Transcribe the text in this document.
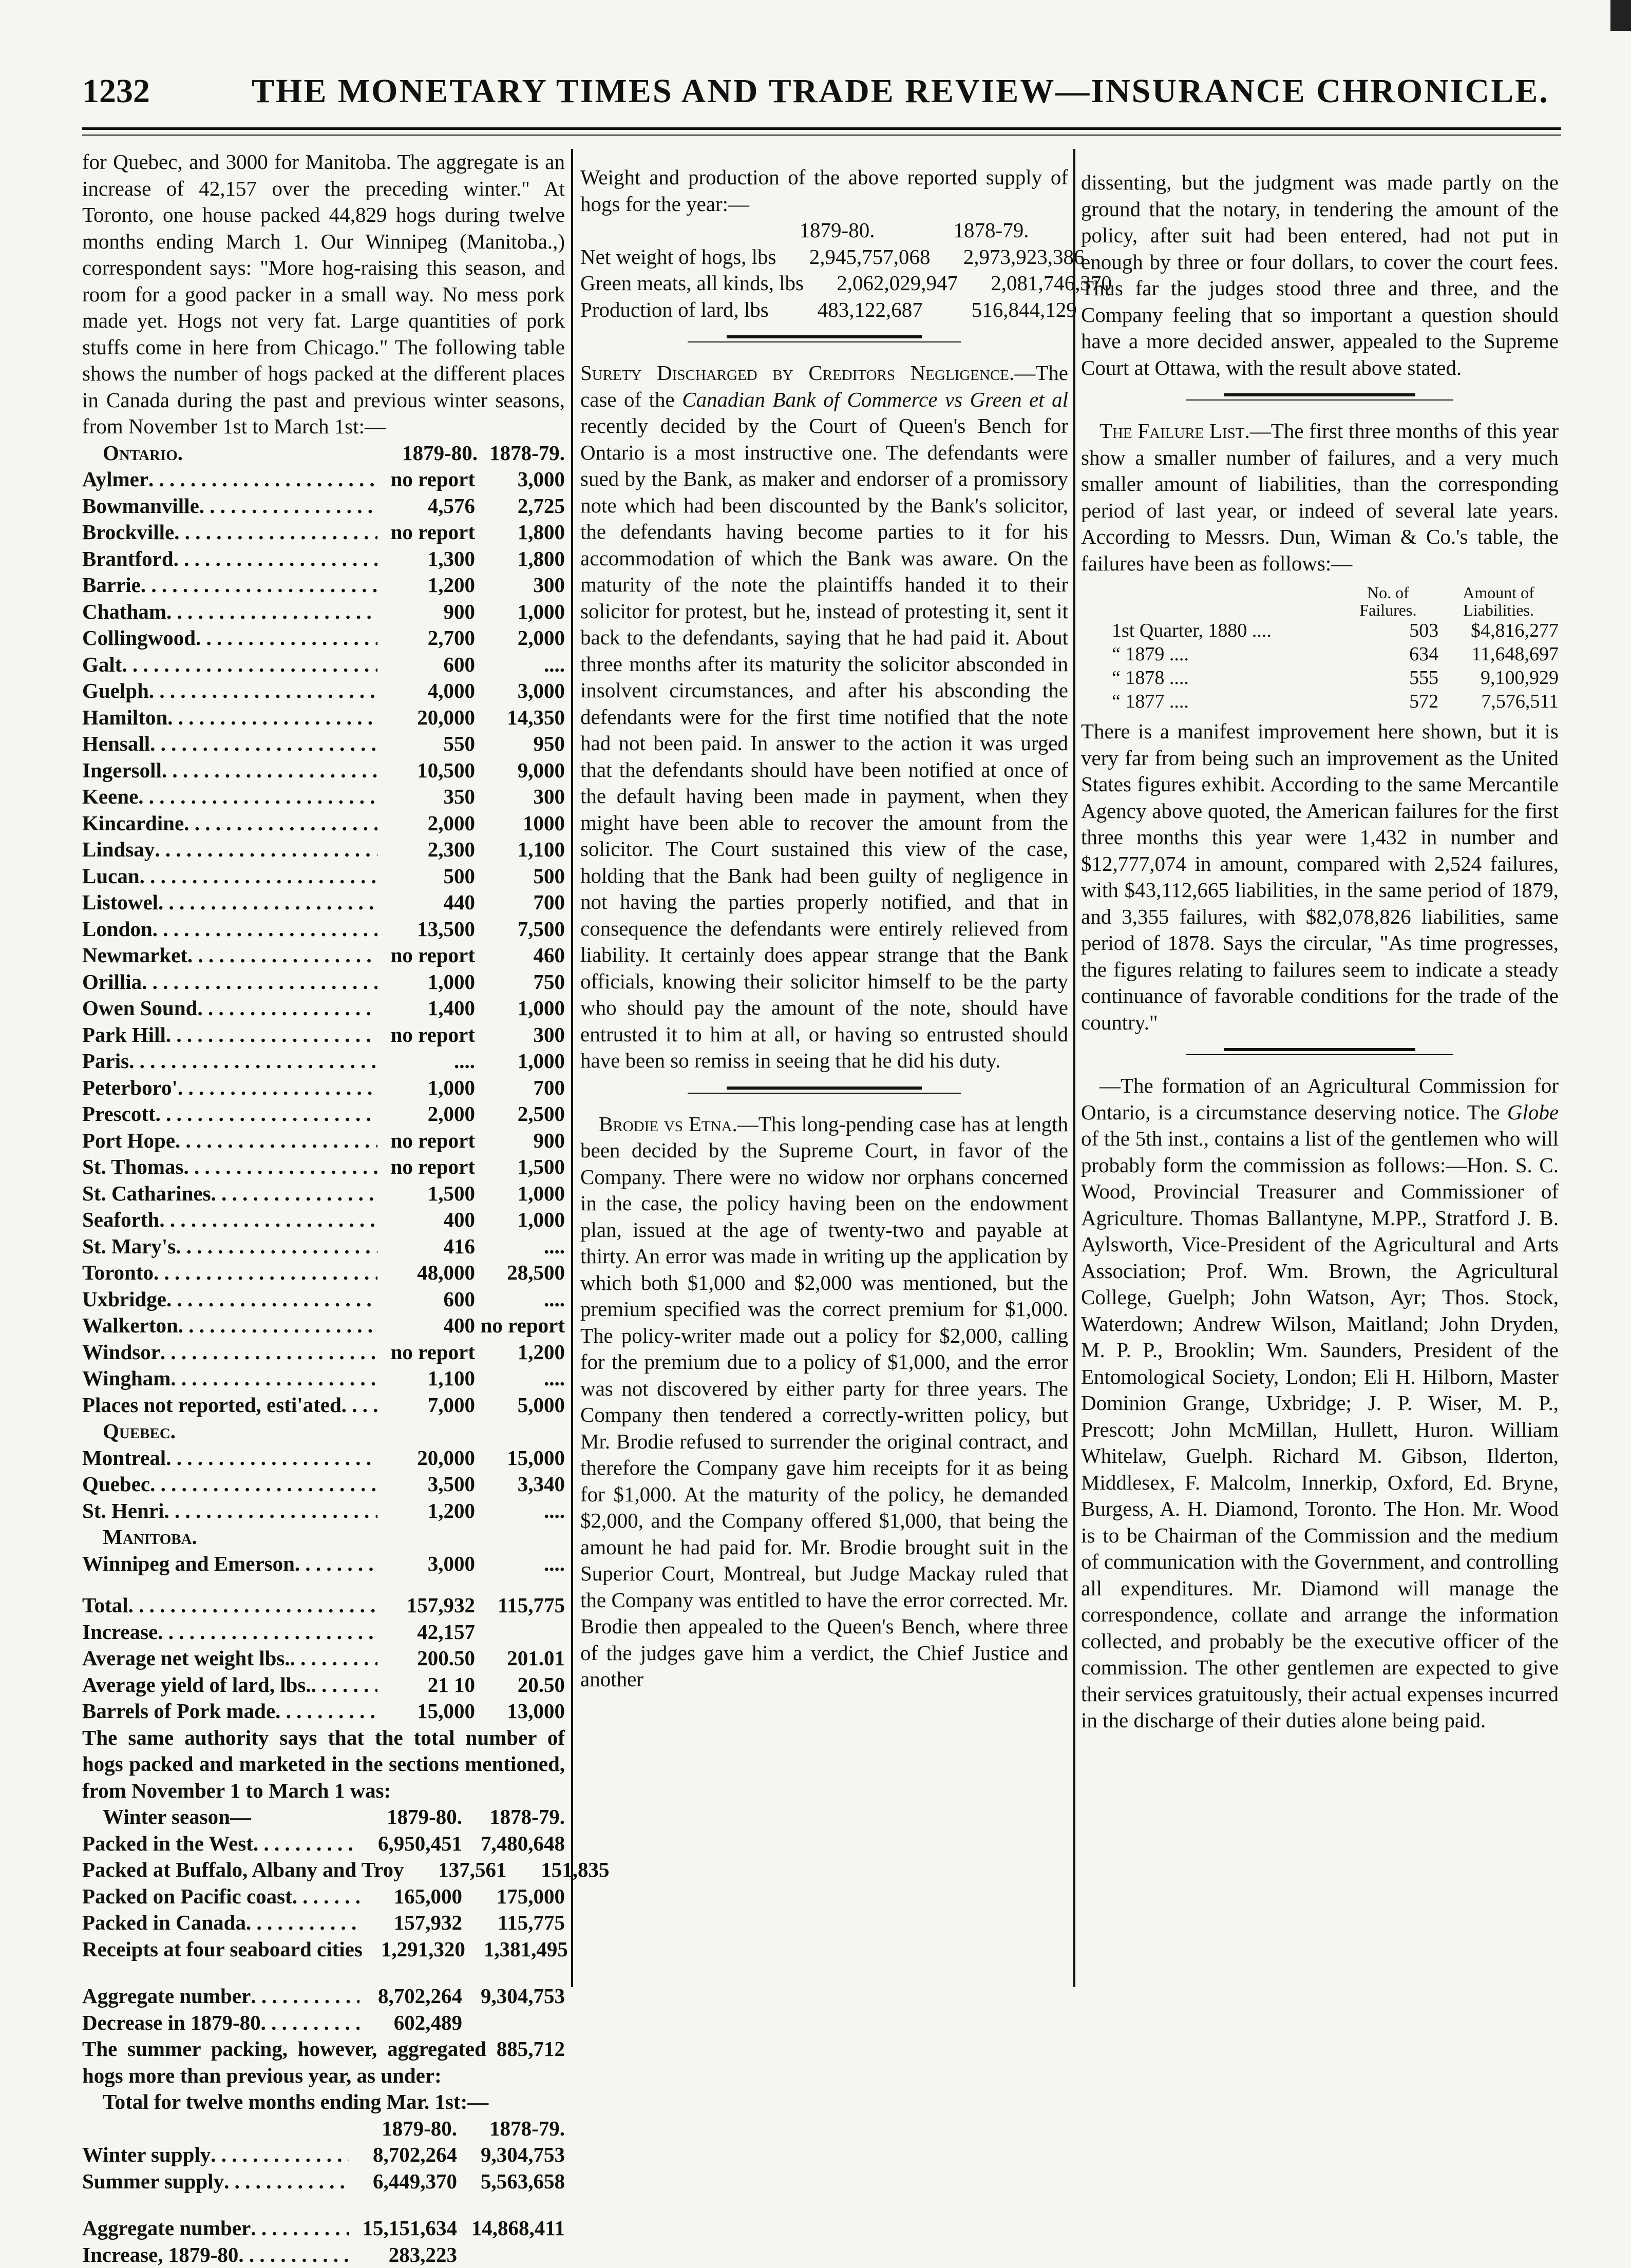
1232	THE MONETARY TIMES AND TRADE REVIEW—INSURANCE CHRONICLE.

for Quebec, and 3000 for Manitoba. The aggregate is an increase of 42,157 over the preceding winter." At Toronto, one house packed 44,829 hogs during twelve months ending March 1. Our Winnipeg (Manitoba.,) correspondent says: "More hog-raising this season, and room for a good packer in a small way. No mess pork made yet. Hogs not very fat. Large quantities of pork stuffs come in here from Chicago." The following table shows the number of hogs packed at the different places in Canada during the past and previous winter seasons, from November 1st to March 1st:—

Ontario.	1879-80. 1878-79.
Aylmer . . .	no report	3,000
Bowmanville . . .	4,576	2,725
Brockville . . .	no report	1,800
Brantford . . .	1,300	1,800
Barrie . . .	1,200	300
Chatham . . .	900	1,000
Collingwood . . .	2,700	2,000
Galt . . .	600	....
Guelph . . .	4,000	3,000
Hamilton . . .	20,000	14,350
Hensall . . .	550	950
Ingersoll . . .	10,500	9,000
Keene . . .	350	300
Kincardine . . .	2,000	1000
Lindsay . . .	2,300	1,100
Lucan . . .	500	500
Listowel . . .	440	700
London . . .	13,500	7,500
Newmarket . . .	no report	460
Orillia . . .	1,000	750
Owen Sound . . .	1,400	1,000
Park Hill . . .	no report	300
Paris . . .	....	1,000
Peterboro' . . .	1,000	700
Prescott . . .	2,000	2,500
Port Hope . . .	no report	900
St. Thomas . . .	no report	1,500
St. Catharines . . .	1,500	1,000
Seaforth . . .	400	1,000
St. Mary's . . .	416	....
Toronto . . .	48,000	28,500
Uxbridge . . .	600	....
Walkerton . . .	400 no report
Windsor . . .	no report	1,200
Wingham . . .	1,100	....
Places not reported, esti'ated . . .	7,000	5,000
Quebec.
Montreal . . .	20,000	15,000
Quebec . . .	3,500	3,340
St. Henri . . .	1,200	....
Manitoba.
Winnipeg and Emerson . . .	3,000	....
Total . . .	157,932	115,775
Increase . . .	42,157
Average net weight lbs. . . .	200.50	201.01
Average yield of lard, lbs. . . .	21 10	20.50
Barrels of Pork made . . .	15,000	13,000

The same authority says that the total number of hogs packed and marketed in the sections mentioned, from November 1 to March 1 was:

Winter season—	1879-80.	1878-79.
Packed in the West . . .	6,950,451 7,480,648
Packed at Buffalo, Albany and Troy	137,561	151,835
Packed on Pacific coast . . .	165,000	175,000
Packed in Canada . . .	157,932	115,775
Receipts at four seaboard cities 1,291,320 1,381,495
Aggregate number . . .	8,702,264 9,304,753
Decrease in 1879-80 . . .	602,489

The summer packing, however, aggregated 885,712 hogs more than previous year, as under:

Total for twelve months ending Mar. 1st:—
1879-80.	1878-79.
Winter supply . . .	8,702,264	9,304,753
Summer supply . . .	6,449,370	5,563,658
Aggregate number . . .	15,151,634 14,868,411
Increase, 1879-80 . . .	283,223

Weight and production of the above reported supply of hogs for the year:—

1879-80.	1878-79.
Net weight of hogs, lbs	2,945,757,068	2,973,923,386
Green meats, all kinds, lbs	2,062,029,947	2,081,746,370
Production of lard, lbs	483,122,687	516,844,129

Surety Discharged by Creditors Negligence.—The case of the Canadian Bank of Commerce vs Green et al recently decided by the Court of Queen's Bench for Ontario is a most instructive one. The defendants were sued by the Bank, as maker and endorser of a promissory note which had been discounted by the Bank's solicitor, the defendants having become parties to it for his accommodation of which the Bank was aware. On the maturity of the note the plaintiffs handed it to their solicitor for protest, but he, instead of protesting it, sent it back to the defendants, saying that he had paid it. About three months after its maturity the solicitor absconded in insolvent circumstances, and after his absconding the defendants were for the first time notified that the note had not been paid. In answer to the action it was urged that the defendants should have been notified at once of the default having been made in payment, when they might have been able to recover the amount from the solicitor. The Court sustained this view of the case, holding that the Bank had been guilty of negligence in not having the parties properly notified, and that in consequence the defendants were entirely relieved from liability. It certainly does appear strange that the Bank officials, knowing their solicitor himself to be the party who should pay the amount of the note, should have entrusted it to him at all, or having so entrusted should have been so remiss in seeing that he did his duty.

Brodie vs Etna.—This long-pending case has at length been decided by the Supreme Court, in favor of the Company. There were no widow nor orphans concerned in the case, the policy having been on the endowment plan, issued at the age of twenty-two and payable at thirty. An error was made in writing up the application by which both $1,000 and $2,000 was mentioned, but the premium specified was the correct premium for $1,000. The policy-writer made out a policy for $2,000, calling for the premium due to a policy of $1,000, and the error was not discovered by either party for three years. The Company then tendered a correctly-written policy, but Mr. Brodie refused to surrender the original contract, and therefore the Company gave him receipts for it as being for $1,000. At the maturity of the policy, he demanded $2,000, and the Company offered $1,000, that being the amount he had paid for. Mr. Brodie brought suit in the Superior Court, Montreal, but Judge Mackay ruled that the Company was entitled to have the error corrected. Mr. Brodie then appealed to the Queen's Bench, where three of the judges gave him a verdict, the Chief Justice and another

dissenting, but the judgment was made partly on the ground that the notary, in tendering the amount of the policy, after suit had been entered, had not put in enough by three or four dollars, to cover the court fees. Thus far the judges stood three and three, and the Company feeling that so important a question should have a more decided answer, appealed to the Supreme Court at Ottawa, with the result above stated.

The Failure List.—The first three months of this year show a smaller number of failures, and a very much smaller amount of liabilities, than the corresponding period of last year, or indeed of several late years. According to Messrs. Dun, Wiman & Co.'s table, the failures have been as follows:—

No. of	Amount of
Failures.	Liabilities.
1st Quarter, 1880 ....	503	$4,816,277
“ 1879 ....	634	11,648,697
“ 1878 ....	555	9,100,929
“ 1877 ....	572	7,576,511

There is a manifest improvement here shown, but it is very far from being such an improvement as the United States figures exhibit. According to the same Mercantile Agency above quoted, the American failures for the first three months this year were 1,432 in number and $12,777,074 in amount, compared with 2,524 failures, with $43,112,665 liabilities, in the same period of 1879, and 3,355 failures, with $82,078,826 liabilities, same period of 1878. Says the circular, "As time progresses, the figures relating to failures seem to indicate a steady continuance of favorable conditions for the trade of the country."

—The formation of an Agricultural Commission for Ontario, is a circumstance deserving notice. The Globe of the 5th inst., contains a list of the gentlemen who will probably form the commission as follows:—Hon. S. C. Wood, Provincial Treasurer and Commissioner of Agriculture. Thomas Ballantyne, M.PP., Stratford J. B. Aylsworth, Vice-President of the Agricultural and Arts Association; Prof. Wm. Brown, the Agricultural College, Guelph; John Watson, Ayr; Thos. Stock, Waterdown; Andrew Wilson, Maitland; John Dryden, M. P. P., Brooklin; Wm. Saunders, President of the Entomological Society, London; Eli H. Hilborn, Master Dominion Grange, Uxbridge; J. P. Wiser, M. P., Prescott; John McMillan, Hullett, Huron. William Whitelaw, Guelph. Richard M. Gibson, Ilderton, Middlesex, F. Malcolm, Innerkip, Oxford, Ed. Bryne, Burgess, A. H. Diamond, Toronto. The Hon. Mr. Wood is to be Chairman of the Commission and the medium of communication with the Government, and controlling all expenditures. Mr. Diamond will manage the correspondence, collate and arrange the information collected, and probably be the executive officer of the commission. The other gentlemen are expected to give their services gratuitously, their actual expenses incurred in the discharge of their duties alone being paid.
